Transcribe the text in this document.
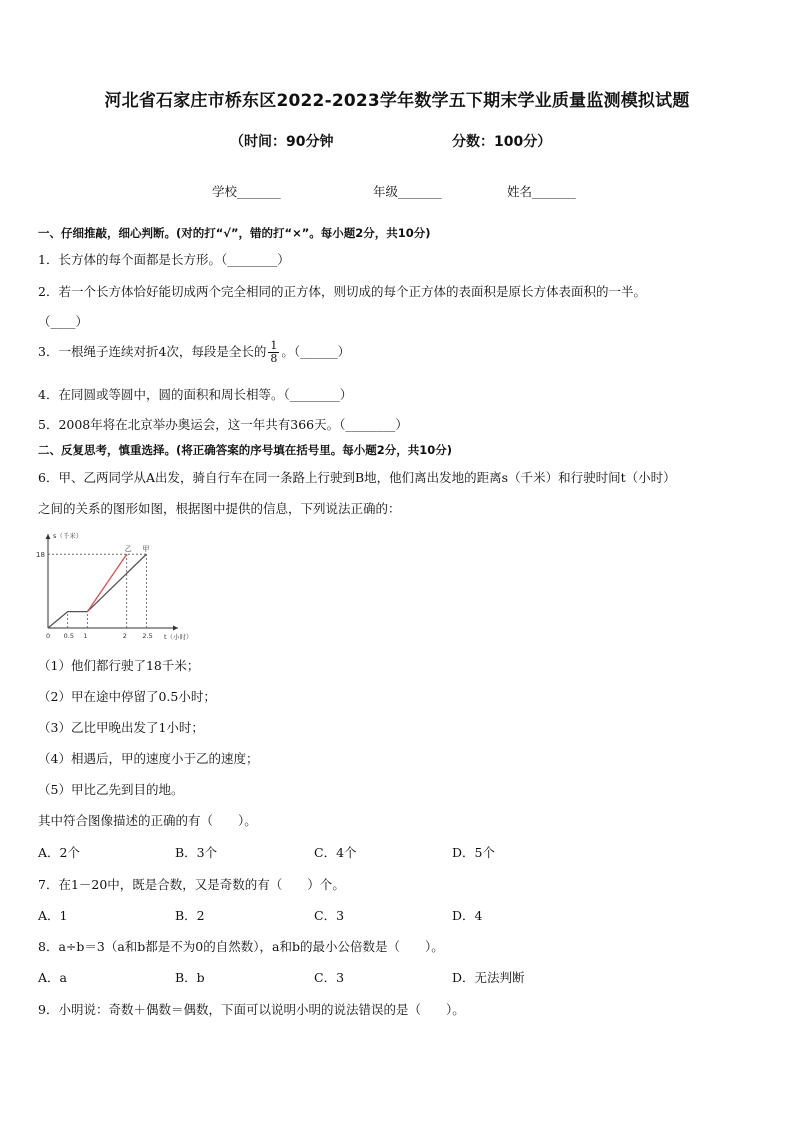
河北省石家庄市桥东区2022-2023学年数学五下期末学业质量监测模拟试题
（时间：90分钟	分数：100分）
学校_______	年级_______	姓名_______
一、仔细推敲，细心判断。(对的打“√”，错的打“×”。每小题2分，共10分)
1．长方体的每个面都是长方形。（________）
2．若一个长方体恰好能切成两个完全相同的正方体，则切成的每个正方体的表面积是原长方体表面积的一半。
（____）
3．一根绳子连续对折4次，每段是全长的 $\frac{1}{8}$ 。（______）
4．在同圆或等圆中，圆的面积和周长相等。（________）
5．2008年将在北京举办奥运会，这一年共有366天。（________）
二、反复思考，慎重选择。(将正确答案的序号填在括号里。每小题2分，共10分)
6．甲、乙两同学从A出发，骑自行车在同一条路上行驶到B地，他们离出发地的距离s（千米）和行驶时间t（小时）
之间的关系的图形如图，根据图中提供的信息，下列说法正确的：
s（千米）
t（小时）
18
0 0.5 1	2 2.5
乙 甲
（1）他们都行驶了18千米；
（2）甲在途中停留了0.5小时；
（3）乙比甲晚出发了1小时；
（4）相遇后，甲的速度小于乙的速度；
（5）甲比乙先到目的地。
其中符合图像描述的正确的有（　　）。
A．2个	B．3个	C．4个	D．5个
7．在1－20中，既是合数，又是奇数的有（　　）个。
A．1	B．2	C．3	D．4
8．a÷b＝3（a和b都是不为0的自然数），a和b的最小公倍数是（　　）。
A．a	B．b	C．3	D．无法判断
9．小明说：奇数＋偶数＝偶数，下面可以说明小明的说法错误的是（　　）。
